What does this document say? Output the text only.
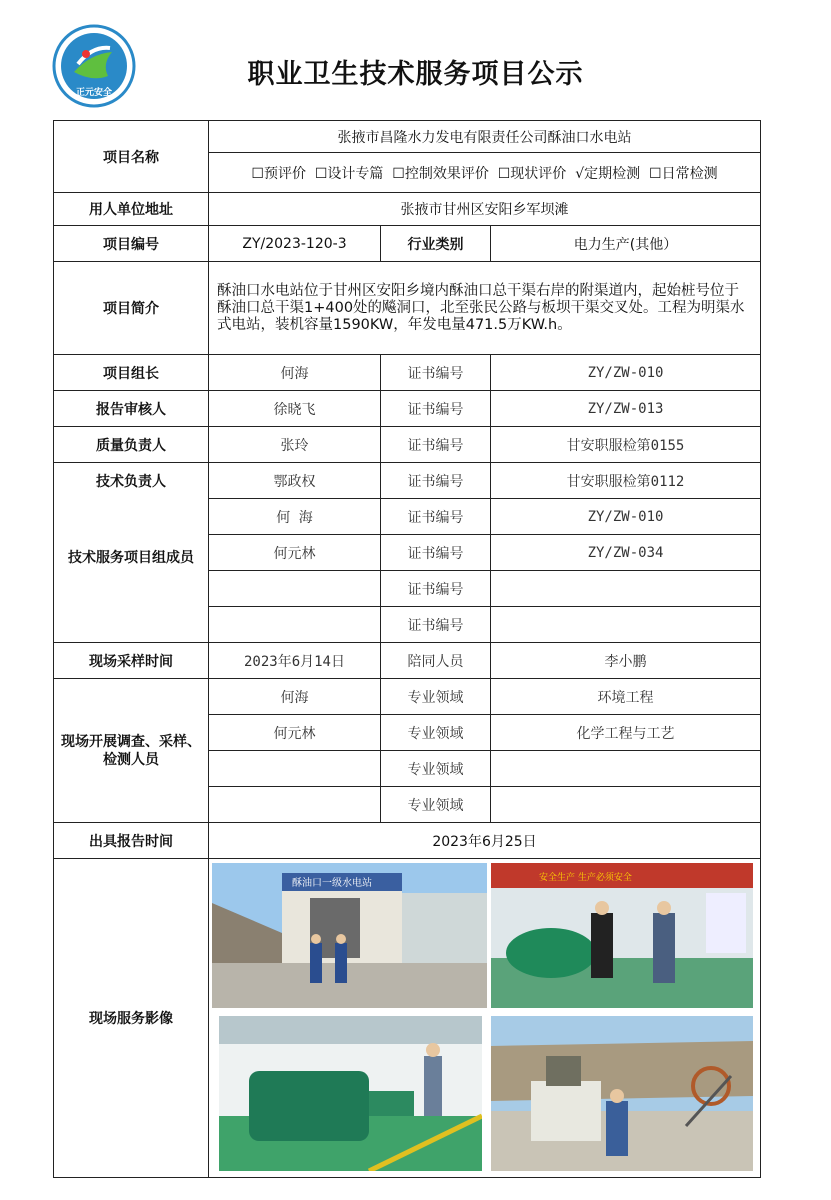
正元安全
职业卫生技术服务项目公示
项目名称	张掖市昌隆水力发电有限责任公司酥油口水电站		
	☐预评价  ☐设计专篇  ☐控制效果评价  ☐现状评价  √定期检测  ☐日常检测		
用人单位地址	张掖市甘州区安阳乡军坝滩		
项目编号	ZY/2023-120-3	行业类别	电力生产(其他）
项目简介	酥油口水电站位于甘州区安阳乡境内酥油口总干渠右岸的附渠道内，起始桩号位于酥油口总干渠1+400处的飚洞口，北至张民公路与板坝干渠交叉处。工程为明渠水式电站，装机容量1590KW，年发电量471.5万KW.h。		
项目组长	何海	证书编号	ZY/ZW-010
报告审核人	徐晓飞	证书编号	ZY/ZW-013
质量负责人	张玲	证书编号	甘安职服检第0155
技术负责人	鄂政权	证书编号	甘安职服检第0112
技术服务项目组成员	何 海	证书编号	ZY/ZW-010
	何元林	证书编号	ZY/ZW-034
		证书编号	
		证书编号	
现场采样时间	2023年6月14日	陪同人员	李小鹏
现场开展调查、采样、检测人员	何海	专业领域	环境工程
	何元林	专业领域	化学工程与工艺
		专业领域	
		专业领域	
出具报告时间	2023年6月25日		
现场服务影像	酥油口一级水电站 安全生产 生产必须安全		
